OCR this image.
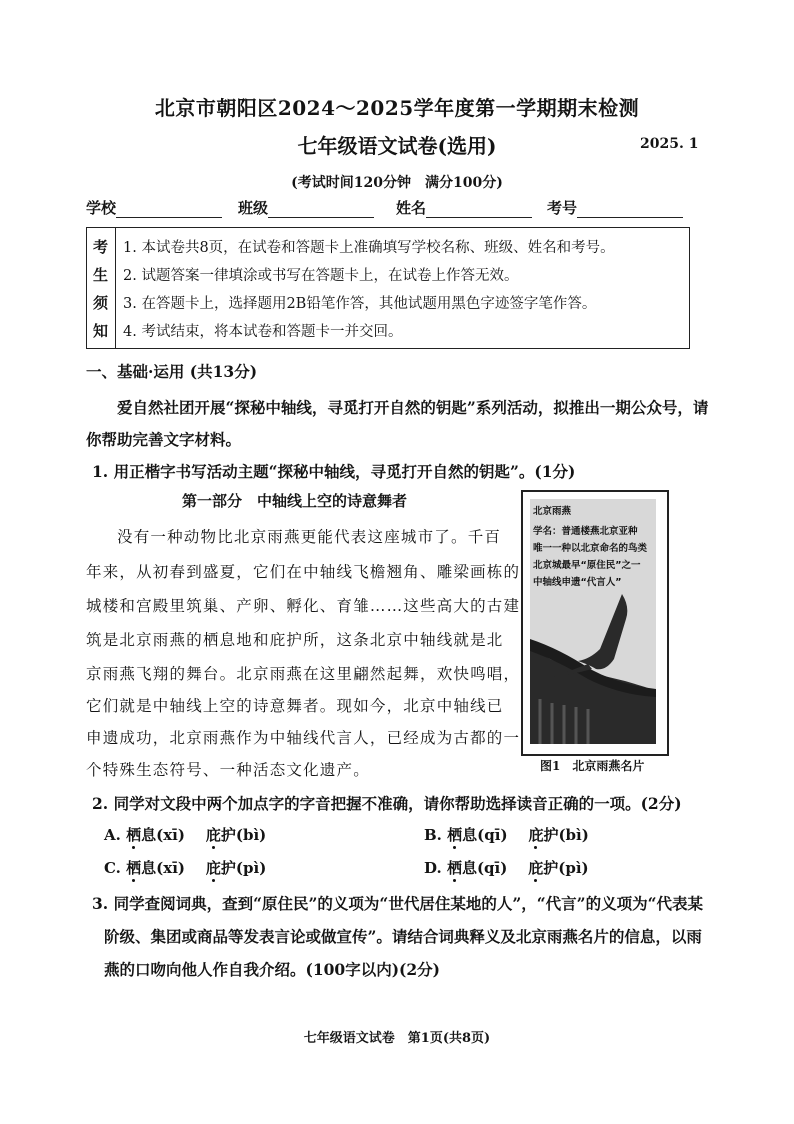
北京市朝阳区2024～2025学年度第一学期期末检测
七年级语文试卷(选用)	2025. 1
(考试时间120分钟　满分100分)
学校	班级	姓名	考号
考
生
须
知
1. 本试卷共8页，在试卷和答题卡上准确填写学校名称、班级、姓名和考号。
2. 试题答案一律填涂或书写在答题卡上，在试卷上作答无效。
3. 在答题卡上，选择题用2B铅笔作答，其他试题用黑色字迹签字笔作答。
4. 考试结束，将本试卷和答题卡一并交回。
一、基础·运用 (共13分)
爱自然社团开展“探秘中轴线，寻觅打开自然的钥匙”系列活动，拟推出一期公众号，请
你帮助完善文字材料。
1. 用正楷字书写活动主题“探秘中轴线，寻觅打开自然的钥匙”。(1分)
第一部分　中轴线上空的诗意舞者
没有一种动物比北京雨燕更能代表这座城市了。千百
年来，从初春到盛夏，它们在中轴线飞檐翘角、雕梁画栋的
城楼和宫殿里筑巢、产卵、孵化、育雏……这些高大的古建
筑是北京雨燕的栖息地和庇护所，这条北京中轴线就是北
京雨燕飞翔的舞台。北京雨燕在这里翩然起舞，欢快鸣唱，
它们就是中轴线上空的诗意舞者。现如今，北京中轴线已
申遗成功，北京雨燕作为中轴线代言人，已经成为古都的一
个特殊生态符号、一种活态文化遗产。
北京雨燕
学名：普通楼燕北京亚种
唯一一种以北京命名的鸟类
北京城最早“原住民”之一
中轴线申遗“代言人”
图1　北京雨燕名片
2. 同学对文段中两个加点字的字音把握不准确，请你帮助选择读音正确的一项。(2分)
A. 栖息(xī) 庇护(bì)	B. 栖息(qī) 庇护(bì)
C. 栖息(xī) 庇护(pì)	D. 栖息(qī) 庇护(pì)
3. 同学查阅词典，查到“原住民”的义项为“世代居住某地的人”，“代言”的义项为“代表某
阶级、集团或商品等发表言论或做宣传”。请结合词典释义及北京雨燕名片的信息，以雨
燕的口吻向他人作自我介绍。(100字以内)(2分)
七年级语文试卷　第1页(共8页)
